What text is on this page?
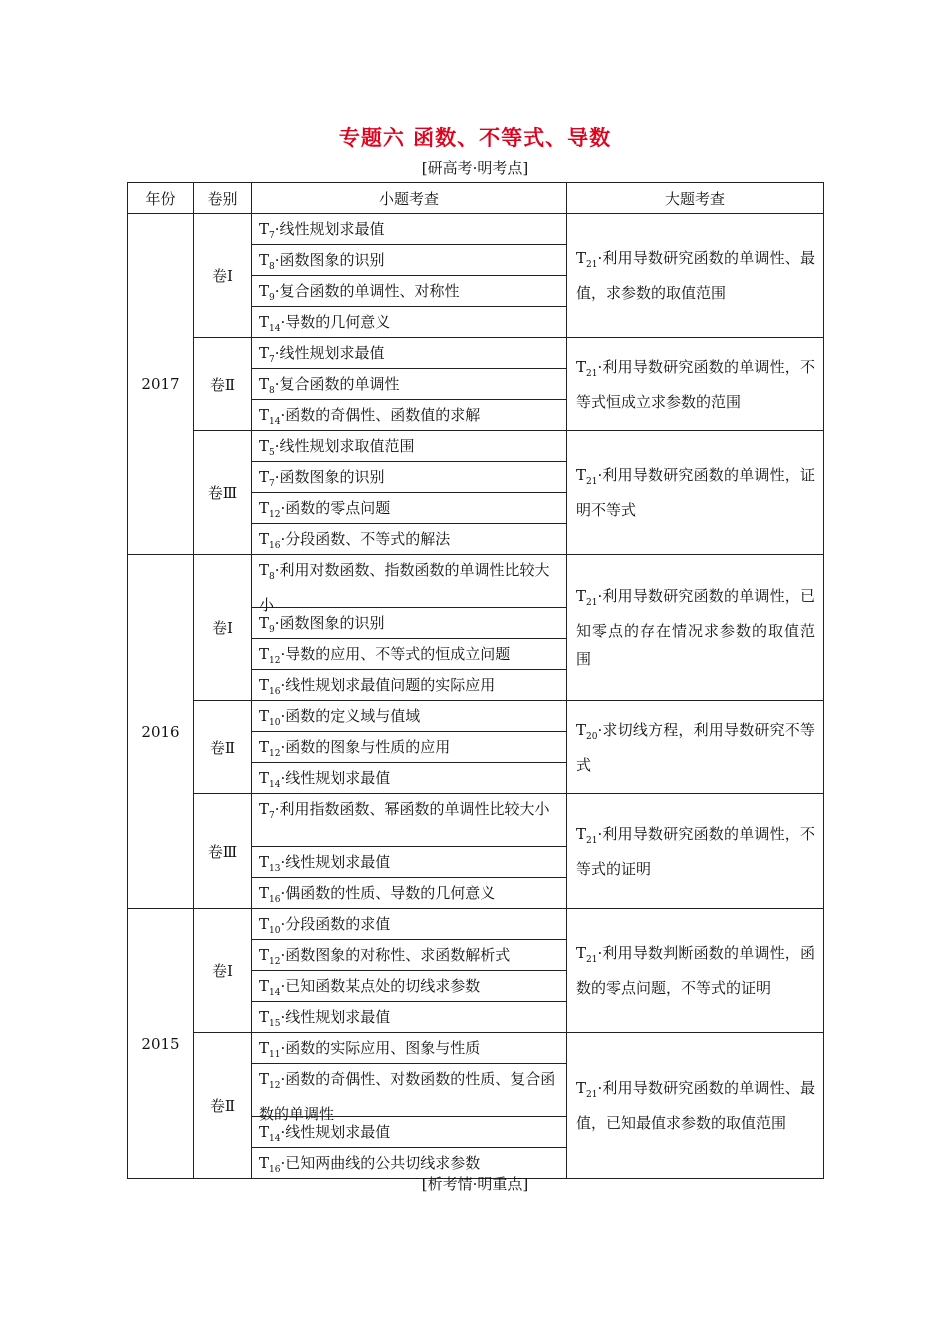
专题六 函数、不等式、导数
[研高考·明考点]
年份	卷别	小题考查	大题考查
2017	卷Ⅰ	$T_7\cdot$线性规划求最值
$T_8\cdot$函数图象的识别
$T_9\cdot$复合函数的单调性、对称性
$T_{14}\cdot$导数的几何意义	$T_{21}\cdot$利用导数研究函数的单调性、最值，求参数的取值范围
	卷Ⅱ	$T_7\cdot$线性规划求最值
$T_8\cdot$复合函数的单调性
$T_{14}\cdot$函数的奇偶性、函数值的求解	$T_{21}\cdot$利用导数研究函数的单调性，不等式恒成立求参数的范围
	卷Ⅲ	$T_5\cdot$线性规划求取值范围
$T_7\cdot$函数图象的识别
$T_{12}\cdot$函数的零点问题
$T_{16}\cdot$分段函数、不等式的解法	$T_{21}\cdot$利用导数研究函数的单调性，证明不等式
2016	卷Ⅰ	$T_8\cdot$利用对数函数、指数函数的单调性比较大小
$T_9\cdot$函数图象的识别
$T_{12}\cdot$导数的应用、不等式的恒成立问题
$T_{16}\cdot$线性规划求最值问题的实际应用	$T_{21}\cdot$利用导数研究函数的单调性，已知零点的存在情况求参数的取值范围
	卷Ⅱ	$T_{10}\cdot$函数的定义域与值域
$T_{12}\cdot$函数的图象与性质的应用
$T_{14}\cdot$线性规划求最值	$T_{20}\cdot$求切线方程，利用导数研究不等式
	卷Ⅲ	$T_7\cdot$利用指数函数、幂函数的单调性比较大小
$T_{13}\cdot$线性规划求最值
$T_{16}\cdot$偶函数的性质、导数的几何意义	$T_{21}\cdot$利用导数研究函数的单调性，不等式的证明
2015	卷Ⅰ	$T_{10}\cdot$分段函数的求值
$T_{12}\cdot$函数图象的对称性、求函数解析式
$T_{14}\cdot$已知函数某点处的切线求参数
$T_{15}\cdot$线性规划求最值	$T_{21}\cdot$利用导数判断函数的单调性，函数的零点问题，不等式的证明
	卷Ⅱ	$T_{11}\cdot$函数的实际应用、图象与性质
$T_{12}\cdot$函数的奇偶性、对数函数的性质、复合函数的单调性
$T_{14}\cdot$线性规划求最值
$T_{16}\cdot$已知两曲线的公共切线求参数	$T_{21}\cdot$利用导数研究函数的单调性、最值，已知最值求参数的取值范围
[析考情·明重点]
